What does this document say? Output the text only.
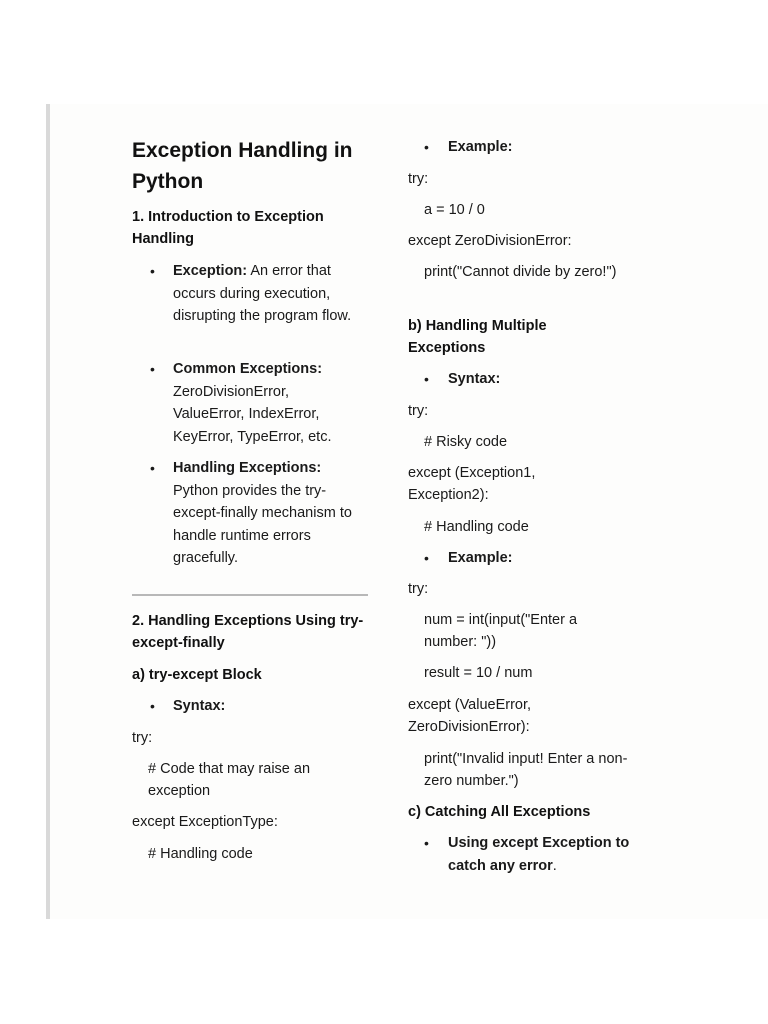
Exception Handling in Python
1. Introduction to Exception Handling
• Exception: An error that occurs during execution, disrupting the program flow.
• Common Exceptions: ZeroDivisionError, ValueError, IndexError, KeyError, TypeError, etc.
• Handling Exceptions: Python provides the try-except-finally mechanism to handle runtime errors gracefully.
2. Handling Exceptions Using try-except-finally
a) try-except Block
• Syntax:

try:

# Code that may raise an exception

except ExceptionType:

# Handling code

• Example:

try:

a = 10 / 0

except ZeroDivisionError:

print("Cannot divide by zero!")

b) Handling Multiple Exceptions
• Syntax:

try:

# Risky code

except (Exception1, Exception2):

# Handling code

• Example:

try:

num = int(input("Enter a number: "))

result = 10 / num

except (ValueError, ZeroDivisionError):

print("Invalid input! Enter a non-zero number.")

c) Catching All Exceptions
• Using except Exception to catch any error.
